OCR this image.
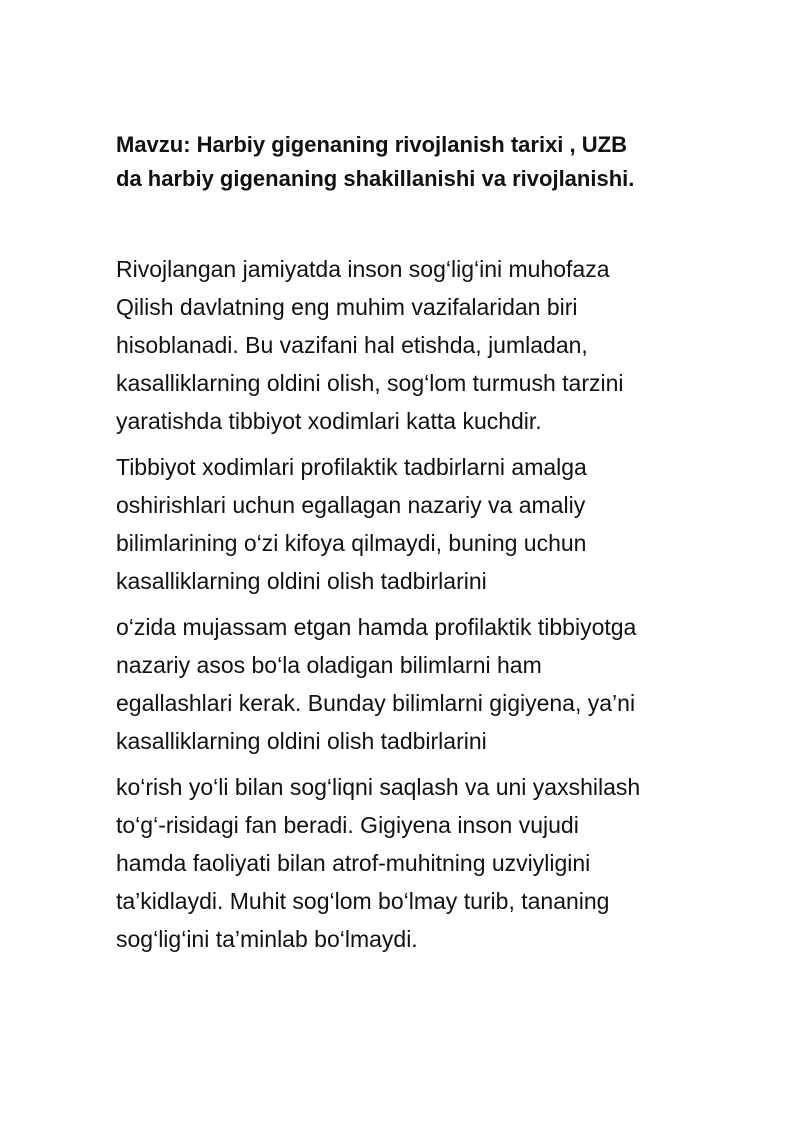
Mavzu: Harbiy gigenaning rivojlanish tarixi , UZB
da harbiy gigenaning shakillanishi va rivojlanishi.

Rivojlangan jamiyatda inson sog‘lig‘ini muhofaza
Qilish davlatning eng muhim vazifalaridan biri
hisoblanadi. Bu vazifani hal etishda, jumladan,
kasalliklarning oldini olish, sog‘lom turmush tarzini
yaratishda tibbiyot xodimlari katta kuchdir.

Tibbiyot xodimlari profilaktik tadbirlarni amalga
oshirishlari uchun egallagan nazariy va amaliy
bilimlarining o‘zi kifoya qilmaydi, buning uchun
kasalliklarning oldini olish tadbirlarini

o‘zida mujassam etgan hamda profilaktik tibbiyotga
nazariy asos bo‘la oladigan bilimlarni ham
egallashlari kerak. Bunday bilimlarni gigiyena, ya’ni
kasalliklarning oldini olish tadbirlarini

ko‘rish yo‘li bilan sog‘liqni saqlash va uni yaxshilash
to‘g‘-risidagi fan beradi. Gigiyena inson vujudi
hamda faoliyati bilan atrof-muhitning uzviyligini
ta’kidlaydi. Muhit sog‘lom bo‘lmay turib, tananing
sog‘lig‘ini ta’minlab bo‘lmaydi.
